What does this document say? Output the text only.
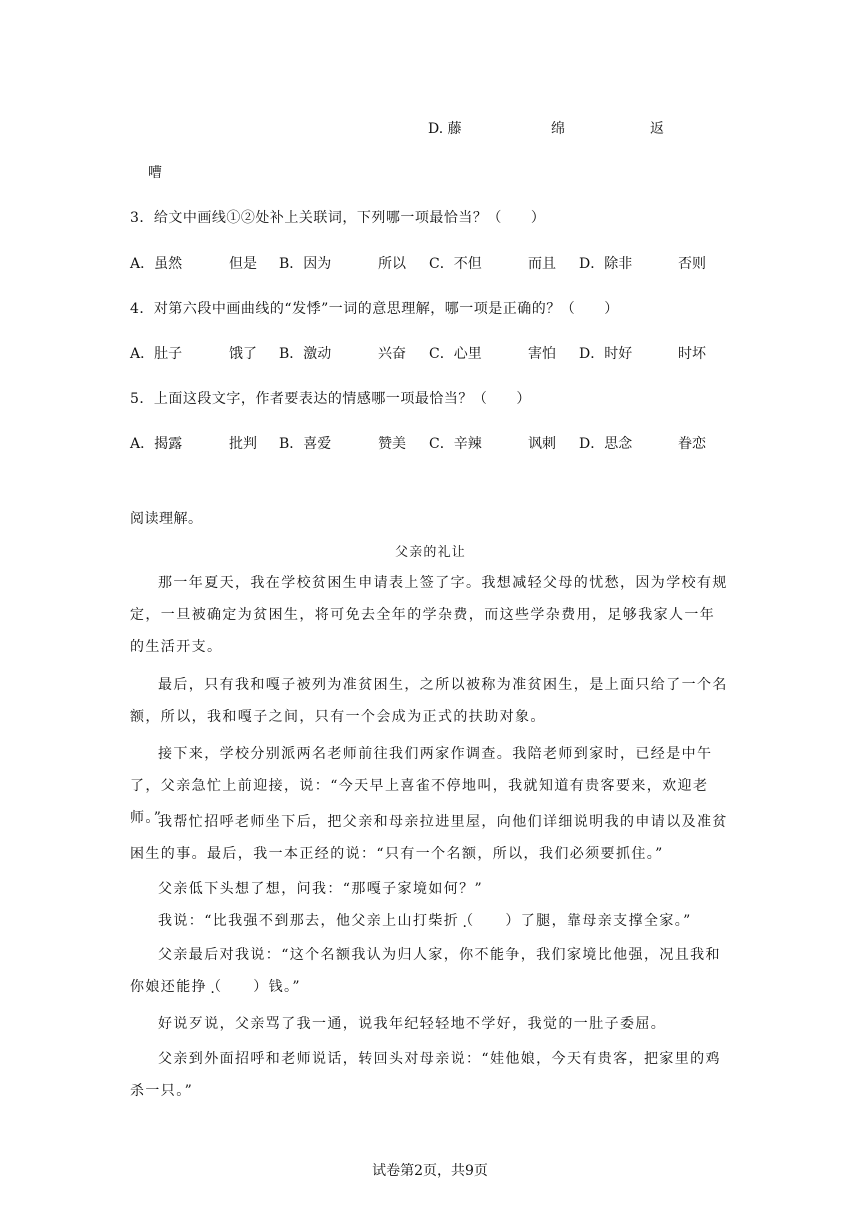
D. 藤	绵	返
嘈
3．给文中画线①②处补上关联词，下列哪一项最恰当？（　　）
A．虽然	但是 B．因为	所以 C．不但	而且 D．除非	否则
4．对第六段中画曲线的“发悸”一词的意思理解，哪一项是正确的？（　　）
A．肚子	饿了 B．激动	兴奋 C．心里	害怕 D．时好	时坏
5．上面这段文字，作者要表达的情感哪一项最恰当？（　　）
A．揭露	批判 B．喜爱	赞美 C．辛辣	讽刺 D．思念	眷恋
阅读理解。
父亲的礼让
那一年夏天，我在学校贫困生申请表上签了字。我想减轻父母的忧愁，因为学校有规定，一旦被确定为贫困生，将可免去全年的学杂费，而这些学杂费用，足够我家人一年的生活开支。
最后，只有我和嘎子被列为准贫困生，之所以被称为准贫困生，是上面只给了一个名额，所以，我和嘎子之间，只有一个会成为正式的扶助对象。
接下来，学校分别派两名老师前往我们两家作调查。我陪老师到家时，已经是中午了，父亲急忙上前迎接，说：“今天早上喜雀不停地叫，我就知道有贵客要来，欢迎老师。”
我帮忙招呼老师坐下后，把父亲和母亲拉进里屋，向他们详细说明我的申请以及准贫困生的事。最后，我一本正经的说：“只有一个名额，所以，我们必须要抓住。”
父亲低下头想了想，问我：“那嘎子家境如何？”
我说：“比我强不到那去，他父亲上山打柴折（　　）了腿，靠母亲支撑全家。”
父亲最后对我说：“这个名额我认为归人家，你不能争，我们家境比他强，况且我和你娘还能挣（　　）钱。”
好说歹说，父亲骂了我一通，说我年纪轻轻地不学好，我觉的一肚子委屈。
父亲到外面招呼和老师说话，转回头对母亲说：“娃他娘，今天有贵客，把家里的鸡杀一只。”
试卷第2页，共9页
